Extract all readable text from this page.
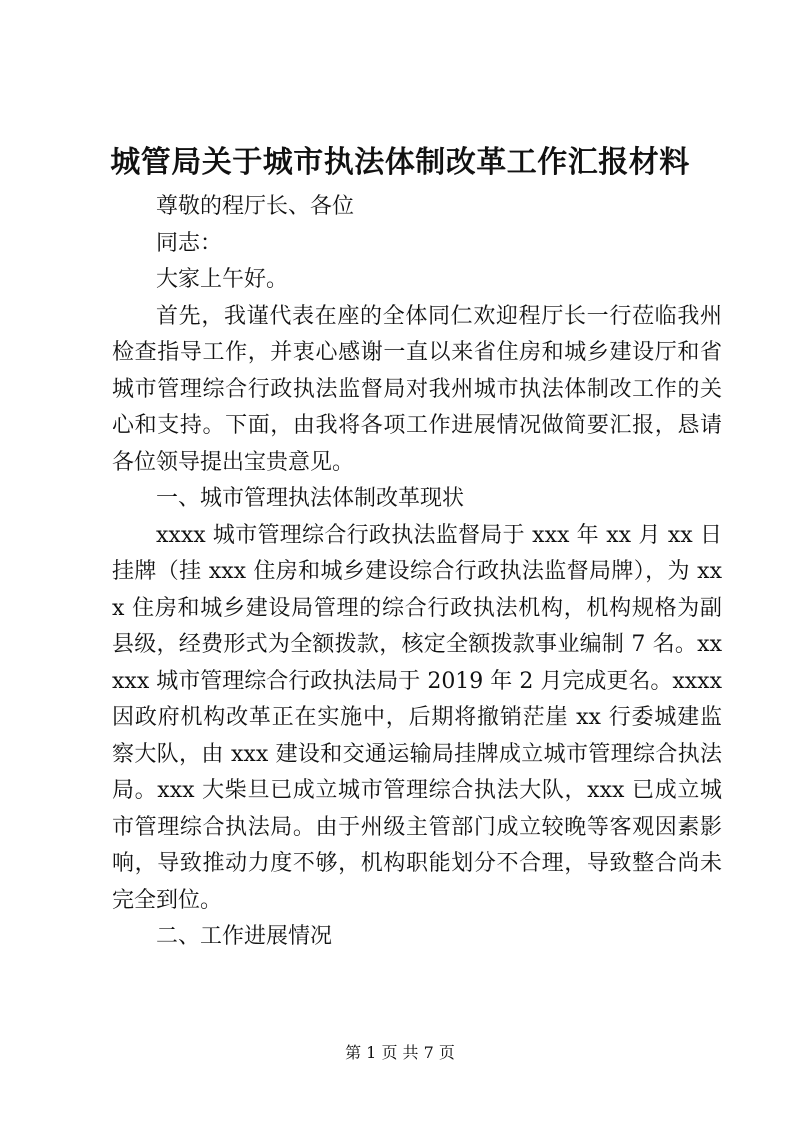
城管局关于城市执法体制改革工作汇报材料

尊敬的程厅长、各位

同志：

大家上午好。

首先，我谨代表在座的全体同仁欢迎程厅长一行莅临我州检查指导工作，并衷心感谢一直以来省住房和城乡建设厅和省城市管理综合行政执法监督局对我州城市执法体制改工作的关心和支持。下面，由我将各项工作进展情况做简要汇报，恳请各位领导提出宝贵意见。

一、城市管理执法体制改革现状

xxxx 城市管理综合行政执法监督局于 xxx 年 xx 月 xx 日挂牌（挂 xxx 住房和城乡建设综合行政执法监督局牌），为 xxx 住房和城乡建设局管理的综合行政执法机构，机构规格为副县级，经费形式为全额拨款，核定全额拨款事业编制 7 名。xxxxx 城市管理综合行政执法局于 2019 年 2 月完成更名。xxxx 因政府机构改革正在实施中，后期将撤销茫崖 xx 行委城建监察大队，由 xxx 建设和交通运输局挂牌成立城市管理综合执法局。xxx 大柴旦已成立城市管理综合执法大队，xxx 已成立城市管理综合执法局。由于州级主管部门成立较晚等客观因素影响，导致推动力度不够，机构职能划分不合理，导致整合尚未完全到位。

二、工作进展情况

第 1 页 共 7 页
